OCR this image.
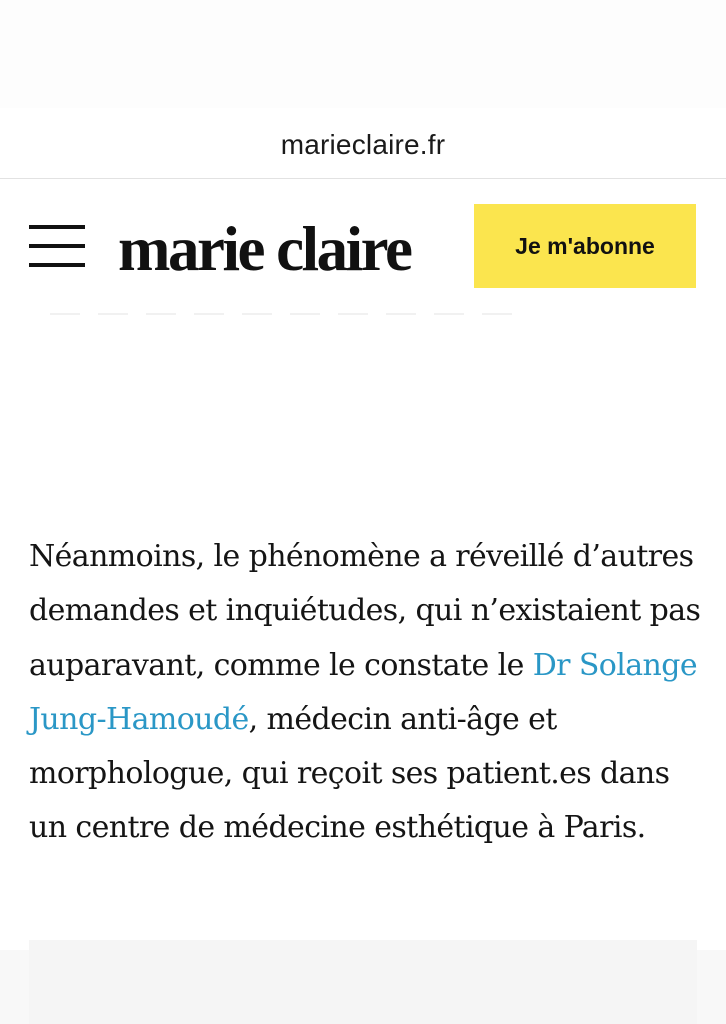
marieclaire.fr
marie claire	Je m'abonne

Néanmoins, le phénomène a réveillé d’autres demandes et inquiétudes, qui n’existaient pas auparavant, comme le constate le Dr Solange Jung-Hamoudé, médecin anti-âge et morphologue, qui reçoit ses patient.es dans un centre de médecine esthétique à Paris.
